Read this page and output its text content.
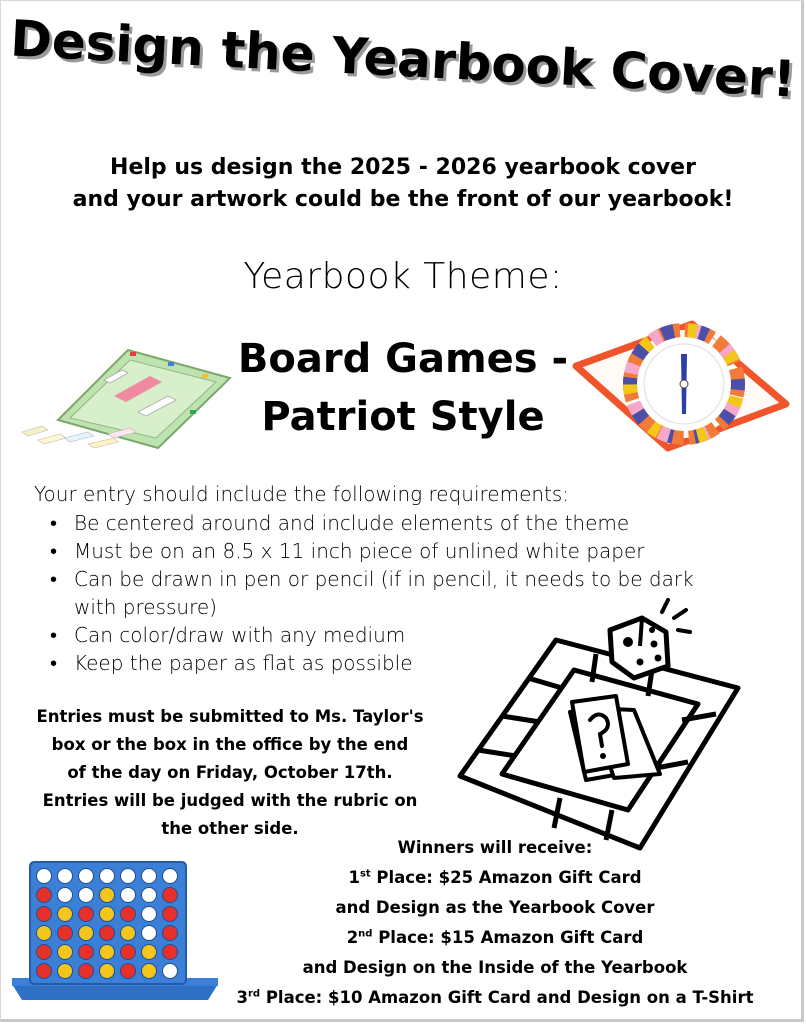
Design the Yearbook Cover!
Help us design the 2025 - 2026 yearbook cover
and your artwork could be the front of our yearbook!
Yearbook Theme:
Board Games -
Patriot Style
Your entry should include the following requirements:
• Be centered around and include elements of the theme
• Must be on an 8.5 x 11 inch piece of unlined white paper
• Can be drawn in pen or pencil (if in pencil, it needs to be dark with pressure)
• Can color/draw with any medium
• Keep the paper as flat as possible
Entries must be submitted to Ms. Taylor's
box or the box in the office by the end
of the day on Friday, October 17th.
Entries will be judged with the rubric on
the other side.
Winners will receive:
1st Place: $25 Amazon Gift Card
and Design as the Yearbook Cover
2nd Place: $15 Amazon Gift Card
and Design on the Inside of the Yearbook
3rd Place: $10 Amazon Gift Card and Design on a T-Shirt
